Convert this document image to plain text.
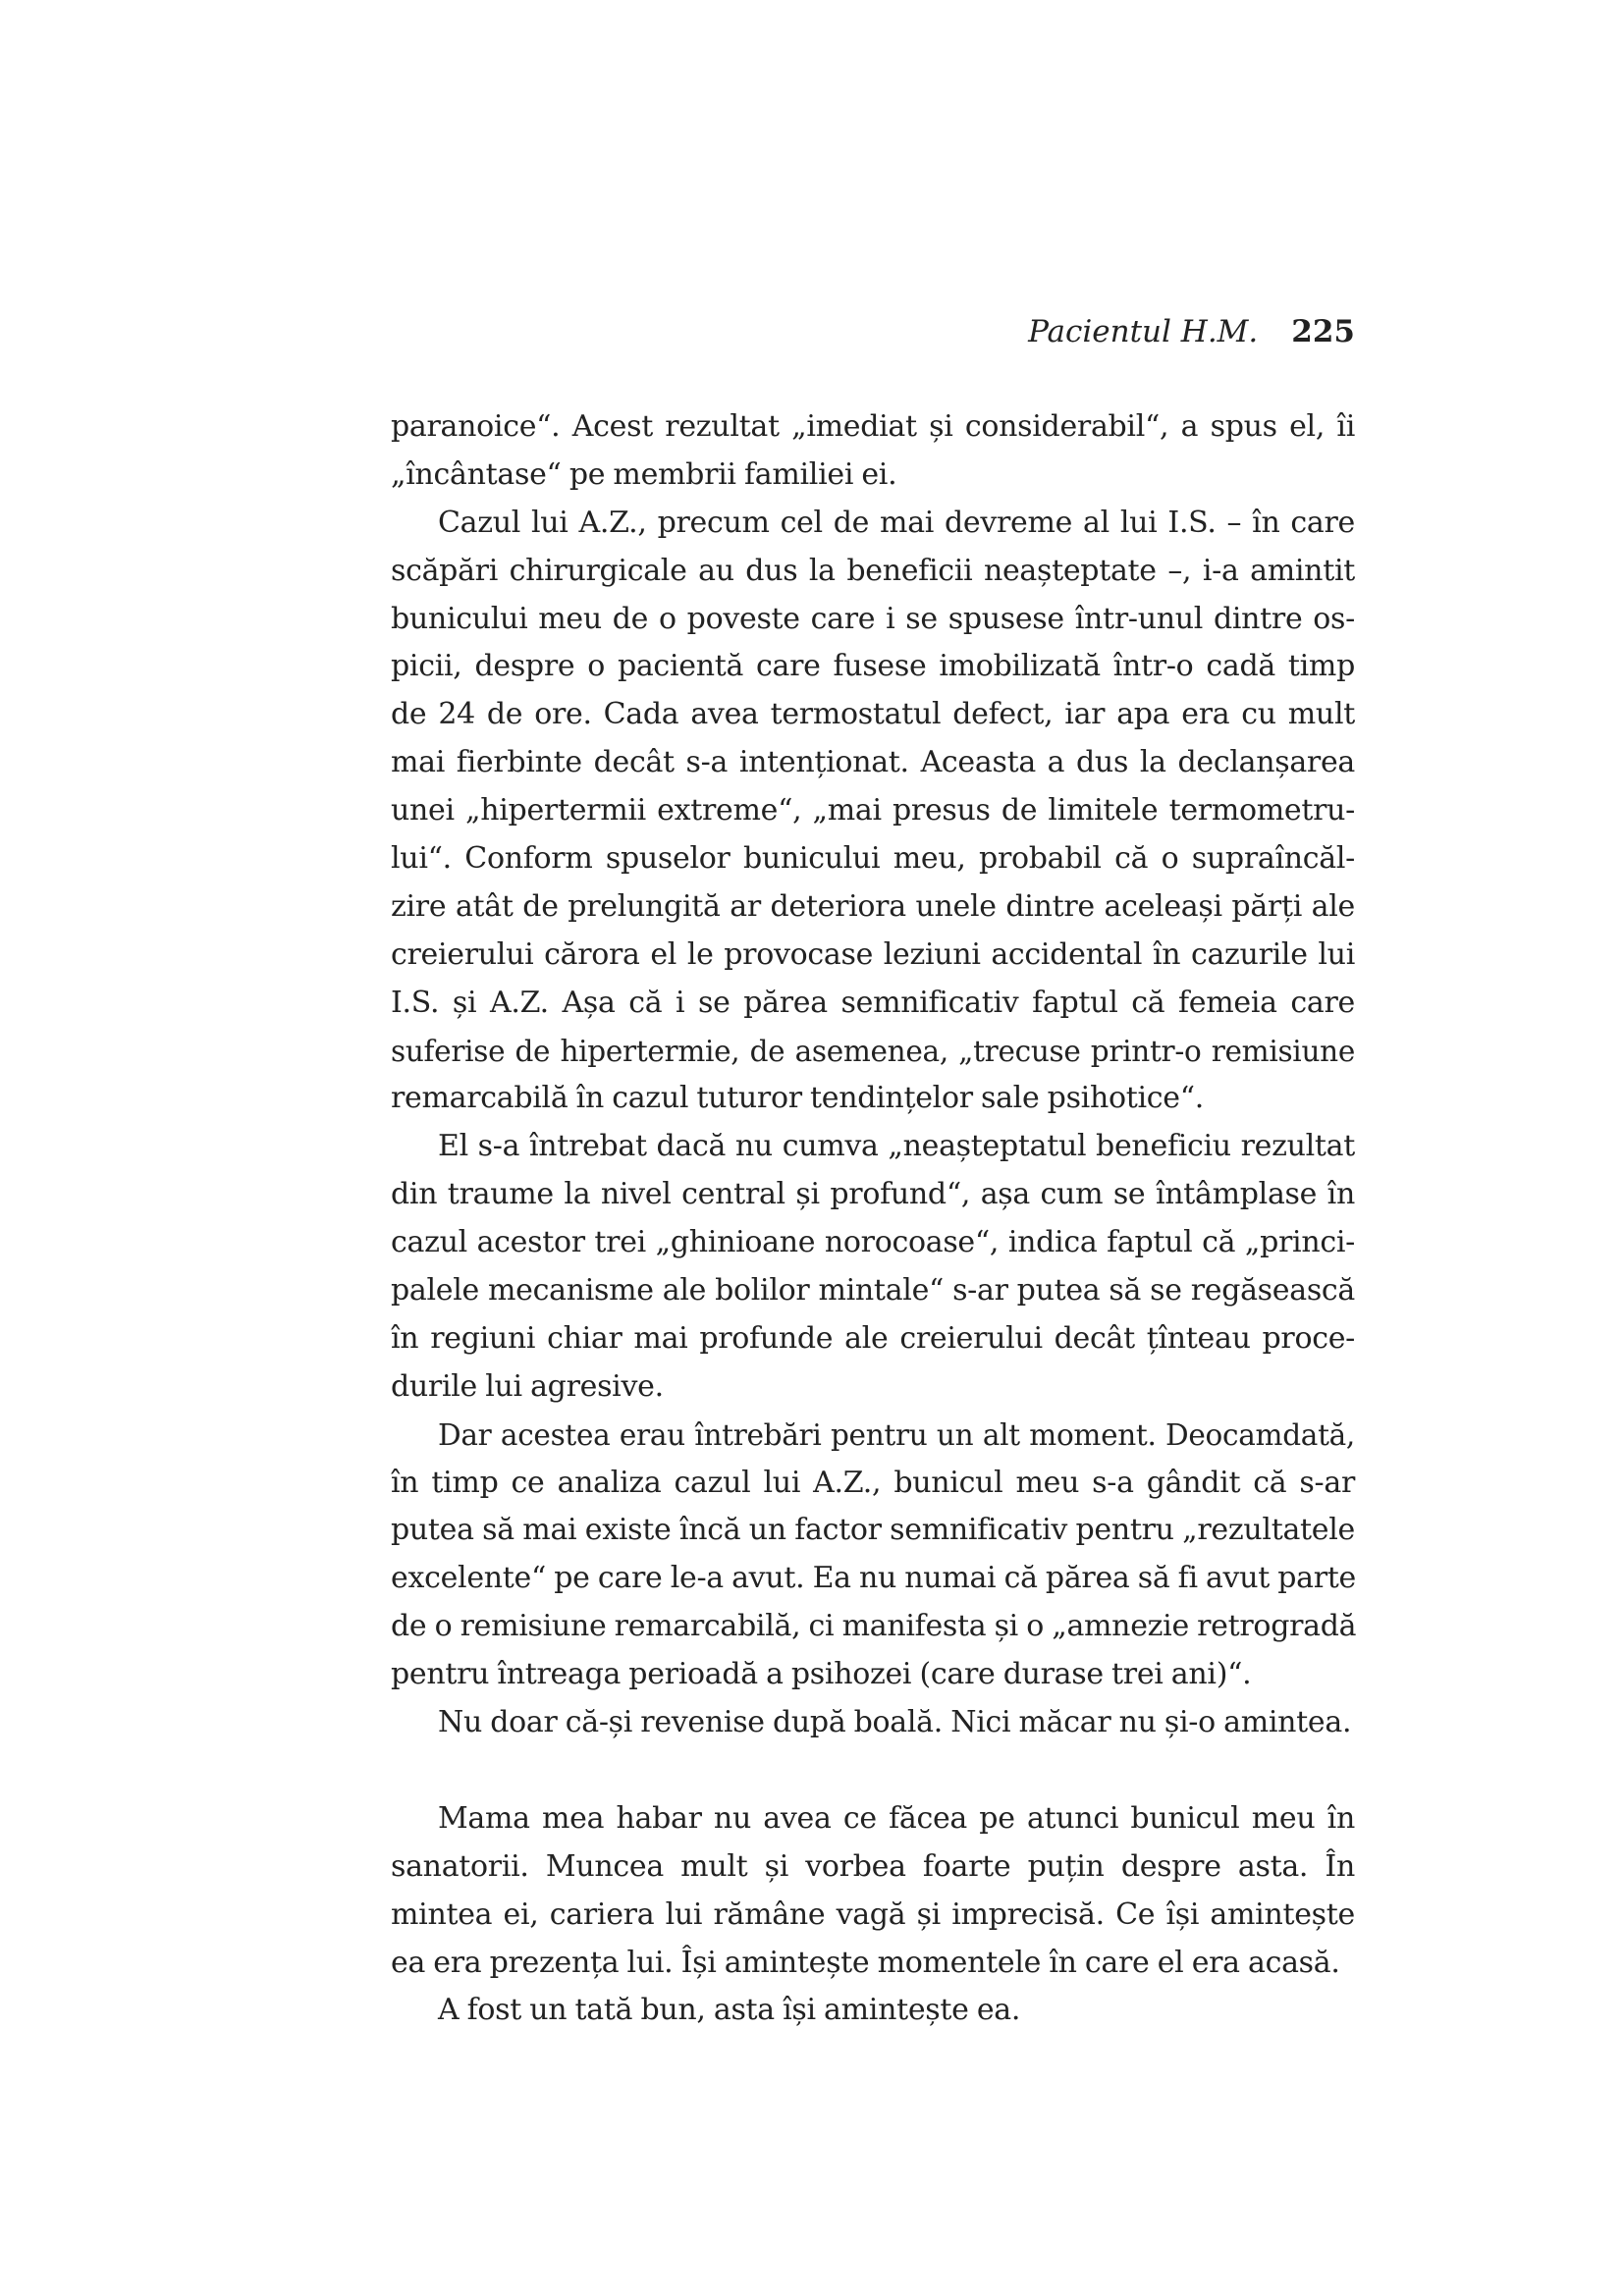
Pacientul H.M. 225
paranoice“. Acest rezultat „imediat și considerabil“, a spus el, îi
„încântase“ pe membrii familiei ei.
Cazul lui A.Z., precum cel de mai devreme al lui I.S. – în care
scăpări chirurgicale au dus la beneficii neașteptate –, i-a amintit
bunicului meu de o poveste care i se spusese într-unul dintre os-
picii, despre o pacientă care fusese imobilizată într-o cadă timp
de 24 de ore. Cada avea termostatul defect, iar apa era cu mult
mai fierbinte decât s-a intenționat. Aceasta a dus la declanșarea
unei „hipertermii extreme“, „mai presus de limitele termometru-
lui“. Conform spuselor bunicului meu, probabil că o supraîncăl-
zire atât de prelungită ar deteriora unele dintre aceleași părți ale
creierului cărora el le provocase leziuni accidental în cazurile lui
I.S. și A.Z. Așa că i se părea semnificativ faptul că femeia care
suferise de hipertermie, de asemenea, „trecuse printr-o remisiune
remarcabilă în cazul tuturor tendințelor sale psihotice“.
El s-a întrebat dacă nu cumva „neașteptatul beneficiu rezultat
din traume la nivel central și profund“, așa cum se întâmplase în
cazul acestor trei „ghinioane norocoase“, indica faptul că „princi-
palele mecanisme ale bolilor mintale“ s-ar putea să se regăsească
în regiuni chiar mai profunde ale creierului decât țînteau proce-
durile lui agresive.
Dar acestea erau întrebări pentru un alt moment. Deocamdată,
în timp ce analiza cazul lui A.Z., bunicul meu s-a gândit că s-ar
putea să mai existe încă un factor semnificativ pentru „rezultatele
excelente“ pe care le-a avut. Ea nu numai că părea să fi avut parte
de o remisiune remarcabilă, ci manifesta și o „amnezie retrogradă
pentru întreaga perioadă a psihozei (care durase trei ani)“.
Nu doar că-și revenise după boală. Nici măcar nu și-o amintea.
Mama mea habar nu avea ce făcea pe atunci bunicul meu în
sanatorii. Muncea mult și vorbea foarte puțin despre asta. În
mintea ei, cariera lui rămâne vagă și imprecisă. Ce își amintește
ea era prezența lui. Își amintește momentele în care el era acasă.
A fost un tată bun, asta își amintește ea.
